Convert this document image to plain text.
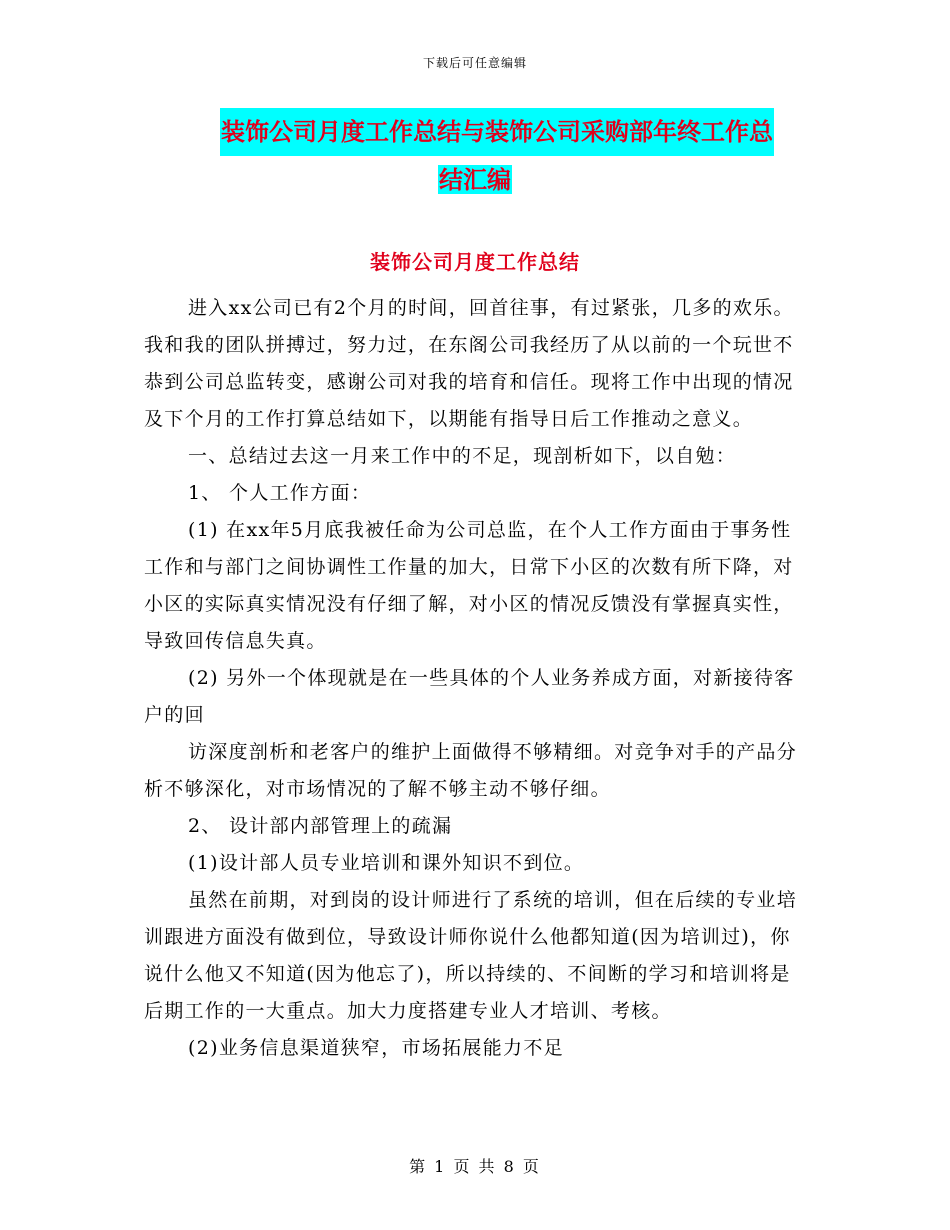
下载后可任意编辑
装饰公司月度工作总结与装饰公司采购部年终工作总
结汇编
装饰公司月度工作总结

进入xx公司已有2个月的时间，回首往事，有过紧张，几多的欢乐。我和我的团队拼搏过，努力过，在东阁公司我经历了从以前的一个玩世不恭到公司总监转变，感谢公司对我的培育和信任。现将工作中出现的情况及下个月的工作打算总结如下，以期能有指导日后工作推动之意义。

一、总结过去这一月来工作中的不足，现剖析如下，以自勉：

1、 个人工作方面：

(1) 在xx年5月底我被任命为公司总监，在个人工作方面由于事务性工作和与部门之间协调性工作量的加大，日常下小区的次数有所下降，对小区的实际真实情况没有仔细了解，对小区的情况反馈没有掌握真实性，导致回传信息失真。

(2) 另外一个体现就是在一些具体的个人业务养成方面，对新接待客户的回

访深度剖析和老客户的维护上面做得不够精细。对竞争对手的产品分析不够深化，对市场情况的了解不够主动不够仔细。

2、 设计部内部管理上的疏漏

(1)设计部人员专业培训和课外知识不到位。

虽然在前期，对到岗的设计师进行了系统的培训，但在后续的专业培训跟进方面没有做到位，导致设计师你说什么他都知道(因为培训过)，你说什么他又不知道(因为他忘了)，所以持续的、不间断的学习和培训将是后期工作的一大重点。加大力度搭建专业人才培训、考核。

(2)业务信息渠道狭窄，市场拓展能力不足

第 1 页 共 8 页
